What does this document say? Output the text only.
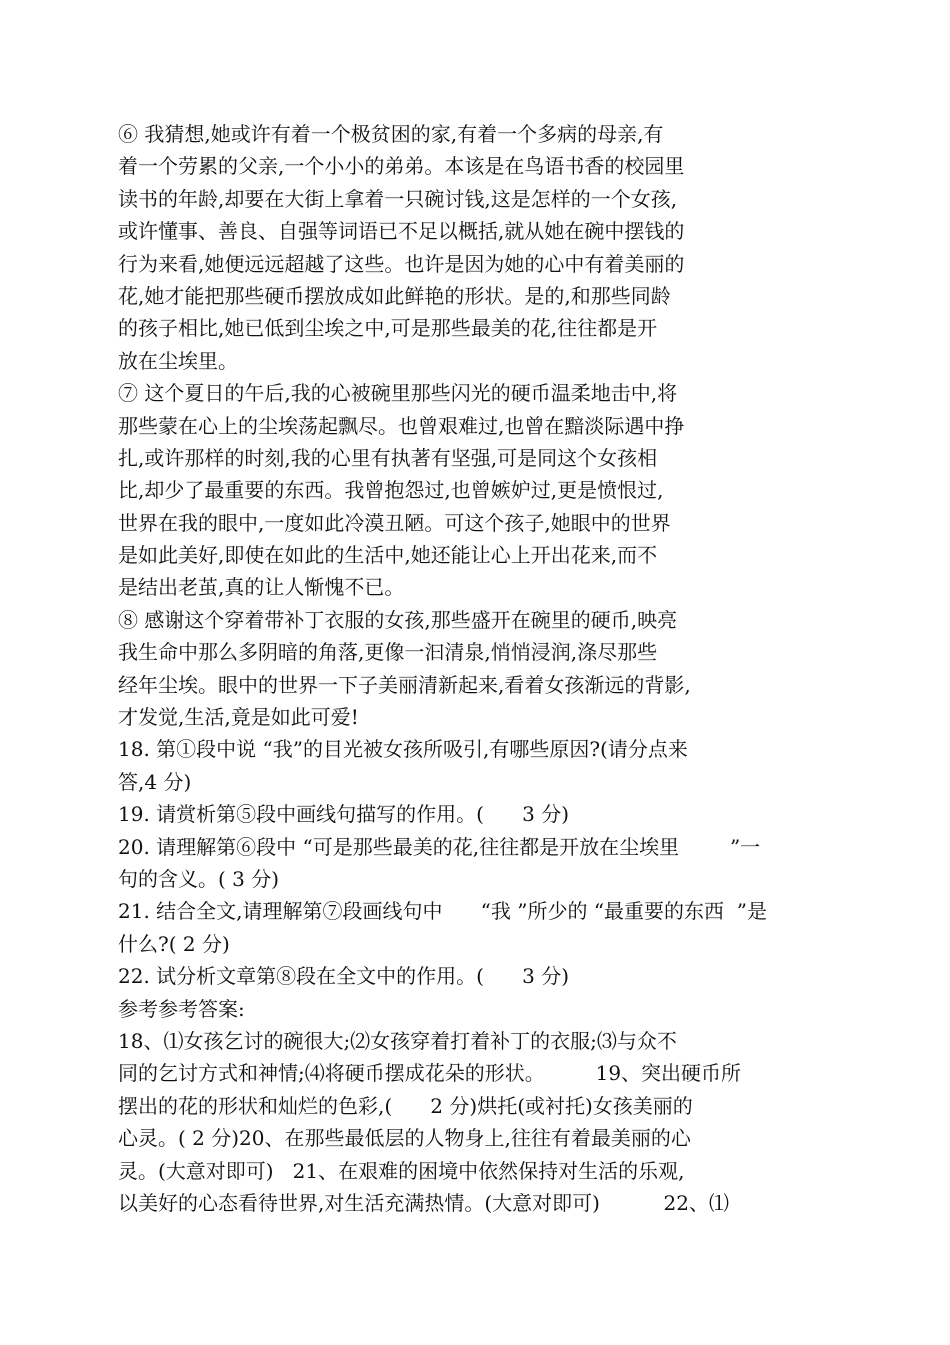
⑥ 我猜想,她或许有着一个极贫困的家,有着一个多病的母亲,有
着一个劳累的父亲,一个小小的弟弟。本该是在鸟语书香的校园里
读书的年龄,却要在大街上拿着一只碗讨钱,这是怎样的一个女孩,
或许懂事、善良、自强等词语已不足以概括,就从她在碗中摆钱的
行为来看,她便远远超越了这些。也许是因为她的心中有着美丽的
花,她才能把那些硬币摆放成如此鲜艳的形状。是的,和那些同龄
的孩子相比,她已低到尘埃之中,可是那些最美的花,往往都是开
放在尘埃里。
⑦ 这个夏日的午后,我的心被碗里那些闪光的硬币温柔地击中,将
那些蒙在心上的尘埃荡起飘尽。也曾艰难过,也曾在黯淡际遇中挣
扎,或许那样的时刻,我的心里有执著有坚强,可是同这个女孩相
比,却少了最重要的东西。我曾抱怨过,也曾嫉妒过,更是愤恨过,
世界在我的眼中,一度如此冷漠丑陋。可这个孩子,她眼中的世界
是如此美好,即使在如此的生活中,她还能让心上开出花来,而不
是结出老茧,真的让人惭愧不已。
⑧ 感谢这个穿着带补丁衣服的女孩,那些盛开在碗里的硬币,映亮
我生命中那么多阴暗的角落,更像一汩清泉,悄悄浸润,涤尽那些
经年尘埃。眼中的世界一下子美丽清新起来,看着女孩渐远的背影,
才发觉,生活,竟是如此可爱!
18. 第①段中说 “我”的目光被女孩所吸引,有哪些原因?(请分点来
答,4 分)
19. 请赏析第⑤段中画线句描写的作用。(      3 分)
20. 请理解第⑥段中 “可是那些最美的花,往往都是开放在尘埃里        ”一
句的含义。( 3 分)
21. 结合全文,请理解第⑦段画线句中      “我 ”所少的 “最重要的东西  ”是
什么?( 2 分)
22. 试分析文章第⑧段在全文中的作用。(      3 分)
参考参考答案:
18、⑴女孩乞讨的碗很大;⑵女孩穿着打着补丁的衣服;⑶与众不
同的乞讨方式和神情;⑷将硬币摆成花朵的形状。        19、突出硬币所
摆出的花的形状和灿烂的色彩,(      2 分)烘托(或衬托)女孩美丽的
心灵。( 2 分)20、在那些最低层的人物身上,往往有着最美丽的心
灵。(大意对即可)   21、在艰难的困境中依然保持对生活的乐观,
以美好的心态看待世界,对生活充满热情。(大意对即可)          22、⑴
